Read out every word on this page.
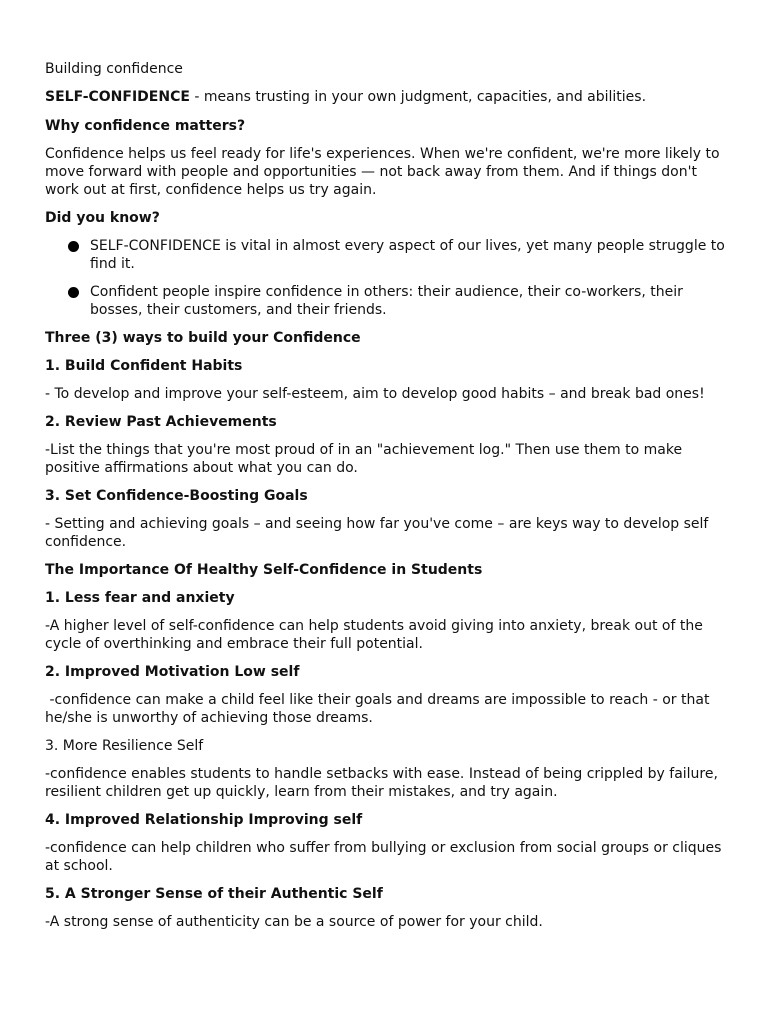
Building confidence

SELF-CONFIDENCE - means trusting in your own judgment, capacities, and abilities.

Why confidence matters?

Confidence helps us feel ready for life's experiences. When we're confident, we're more likely to move forward with people and opportunities — not back away from them. And if things don't work out at first, confidence helps us try again.

Did you know?

SELF-CONFIDENCE is vital in almost every aspect of our lives, yet many people struggle to find it.
Confident people inspire confidence in others: their audience, their co-workers, their bosses, their customers, and their friends.

Three (3) ways to build your Confidence

1. Build Confident Habits

- To develop and improve your self-esteem, aim to develop good habits – and break bad ones!

2. Review Past Achievements

-List the things that you're most proud of in an "achievement log." Then use them to make positive affirmations about what you can do.

3. Set Confidence-Boosting Goals

- Setting and achieving goals – and seeing how far you've come – are keys way to develop self confidence.

The Importance Of Healthy Self-Confidence in Students

1. Less fear and anxiety

-A higher level of self-confidence can help students avoid giving into anxiety, break out of the cycle of overthinking and embrace their full potential.

2. Improved Motivation Low self

-confidence can make a child feel like their goals and dreams are impossible to reach - or that he/she is unworthy of achieving those dreams.

3. More Resilience Self

-confidence enables students to handle setbacks with ease. Instead of being crippled by failure, resilient children get up quickly, learn from their mistakes, and try again.

4. Improved Relationship Improving self

-confidence can help children who suffer from bullying or exclusion from social groups or cliques at school.

5. A Stronger Sense of their Authentic Self

-A strong sense of authenticity can be a source of power for your child.
